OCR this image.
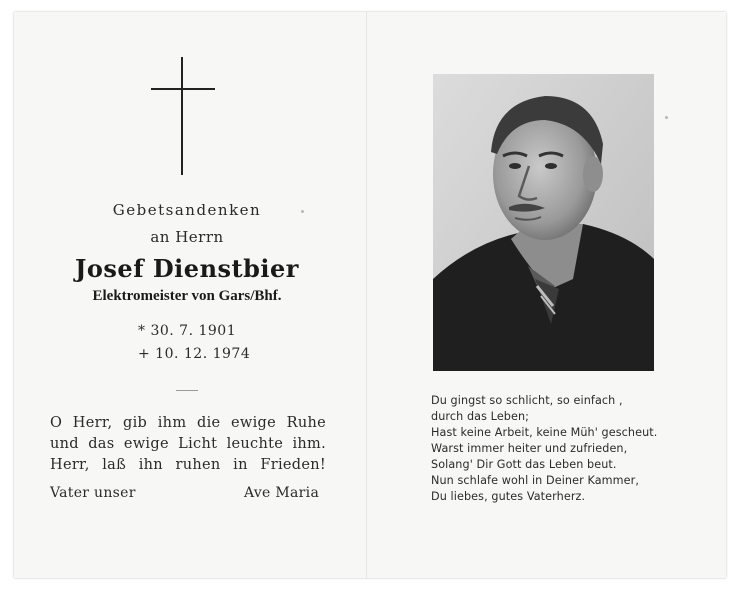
Gebetsandenken
an Herrn
Josef Dienstbier
Elektromeister von Gars/Bhf.
* 30. 7. 1901
+ 10. 12. 1974
O Herr, gib ihm die ewige Ruhe
und das ewige Licht leuchte ihm.
Herr, laß ihn ruhen in Frieden!
Vater unser	Ave Maria
Du gingst so schlicht, so einfach ,
durch das Leben;
Hast keine Arbeit, keine Müh' gescheut.
Warst immer heiter und zufrieden,
Solang' Dir Gott das Leben beut.
Nun schlafe wohl in Deiner Kammer,
Du liebes, gutes Vaterherz.
